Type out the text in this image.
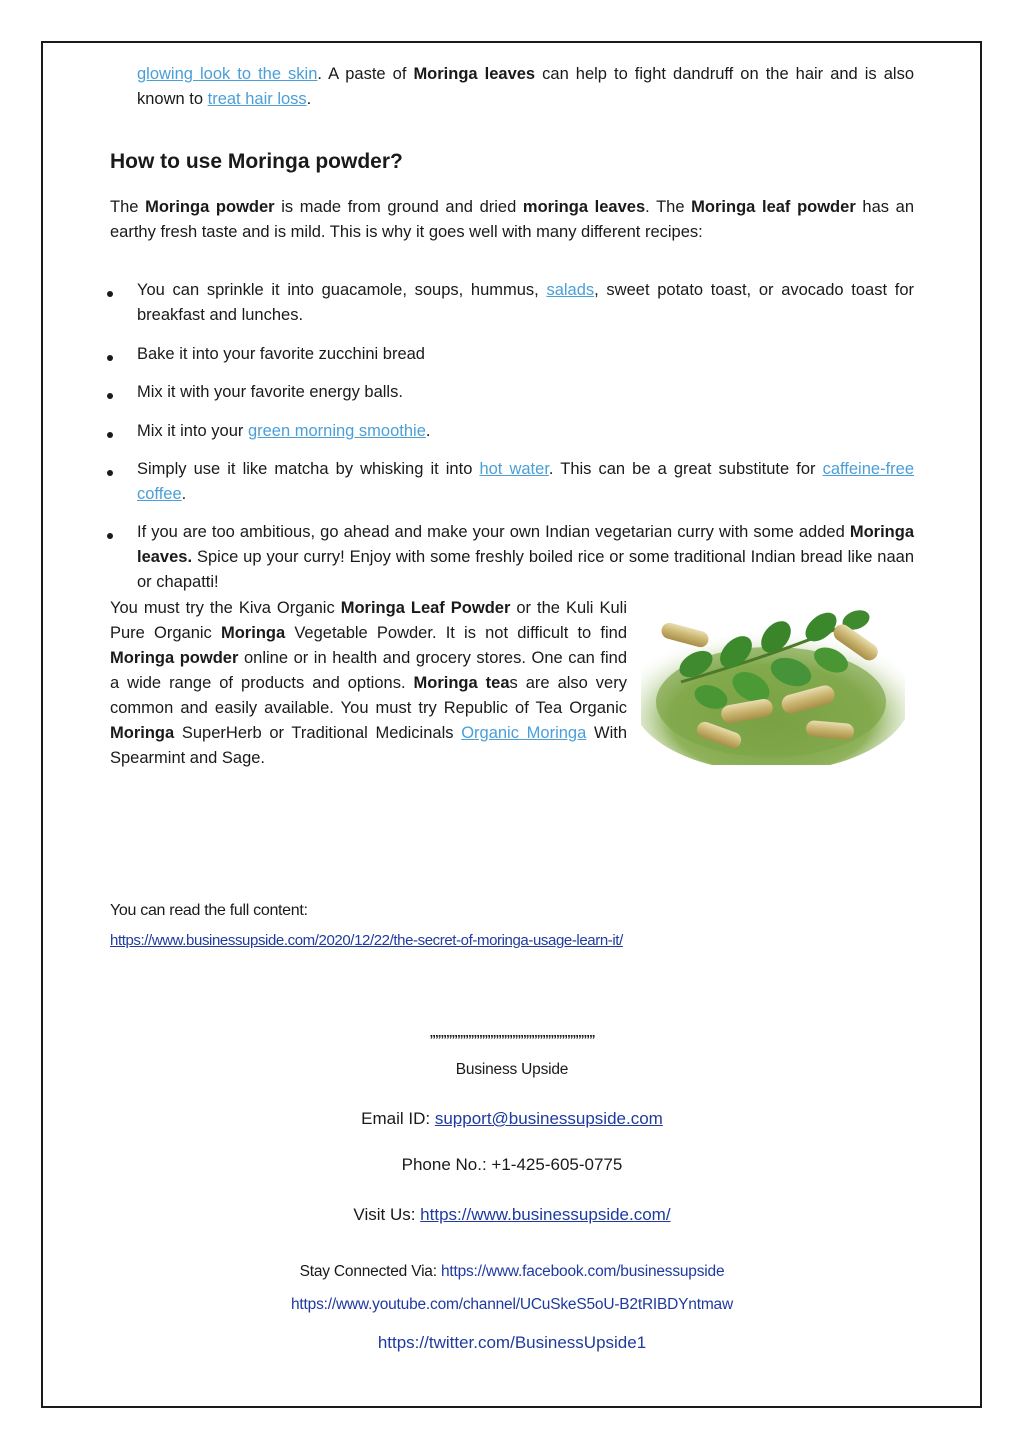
glowing look to the skin. A paste of Moringa leaves can help to fight dandruff on the hair and is also known to treat hair loss.
How to use Moringa powder?
The Moringa powder is made from ground and dried moringa leaves. The Moringa leaf powder has an earthy fresh taste and is mild. This is why it goes well with many different recipes:
You can sprinkle it into guacamole, soups, hummus, salads, sweet potato toast, or avocado toast for breakfast and lunches.
Bake it into your favorite zucchini bread
Mix it with your favorite energy balls.
Mix it into your green morning smoothie.
Simply use it like matcha by whisking it into hot water. This can be a great substitute for caffeine-free coffee.
If you are too ambitious, go ahead and make your own Indian vegetarian curry with some added Moringa leaves. Spice up your curry! Enjoy with some freshly boiled rice or some traditional Indian bread like naan or chapatti!
You must try the Kiva Organic Moringa Leaf Powder or the Kuli Kuli Pure Organic Moringa Vegetable Powder. It is not difficult to find Moringa powder online or in health and grocery stores. One can find a wide range of products and options. Moringa teas are also very common and easily available. You must try Republic of Tea Organic Moringa SuperHerb or Traditional Medicinals Organic Moringa With Spearmint and Sage.
You can read the full content:
https://www.businessupside.com/2020/12/22/the-secret-of-moringa-usage-learn-it/
””””””””””””””””””””””””””””””
Business Upside
Email ID: support@businessupside.com
Phone No.: +1-425-605-0775
Visit Us: https://www.businessupside.com/
Stay Connected Via: https://www.facebook.com/businessupside
https://www.youtube.com/channel/UCuSkeS5oU-B2tRIBDYntmaw
https://twitter.com/BusinessUpside1
